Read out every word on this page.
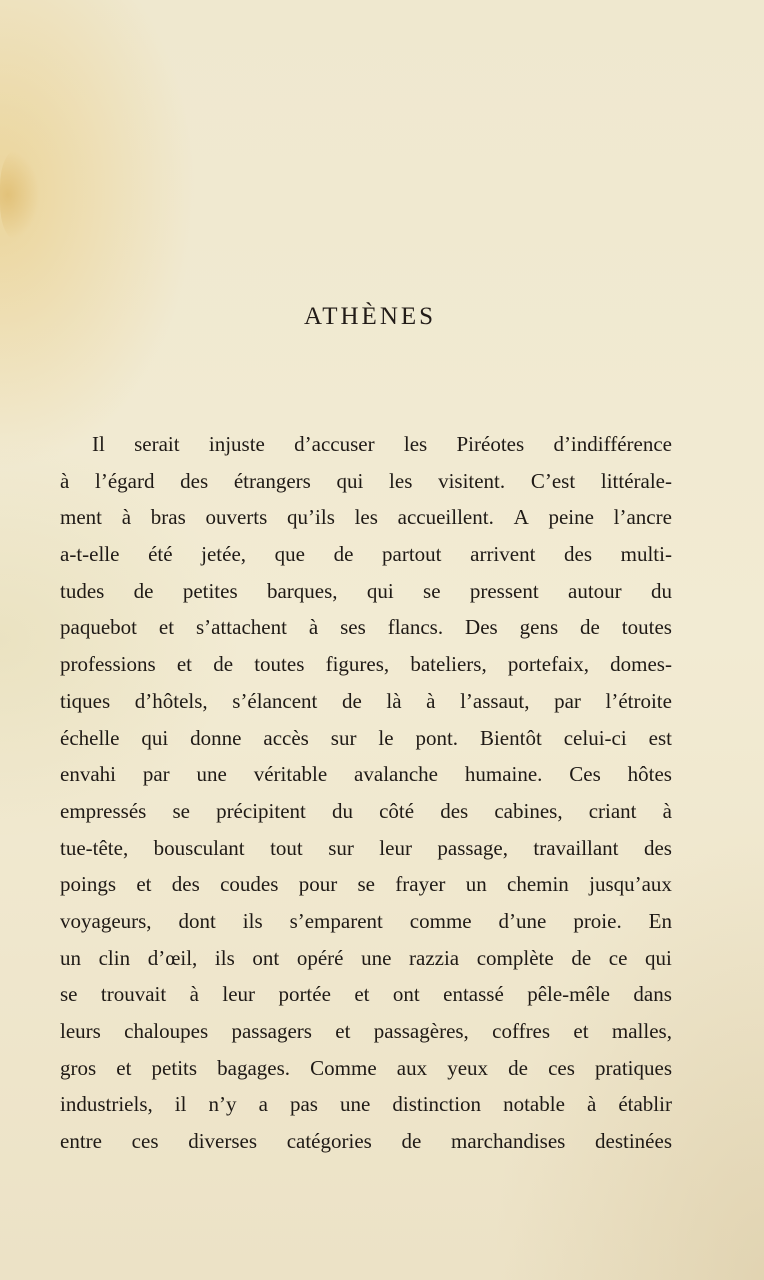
ATHÈNES
Il serait injuste d’accuser les Piréotes d’indifférence
à l’égard des étrangers qui les visitent. C’est littérale-
ment à bras ouverts qu’ils les accueillent. A peine l’ancre
a-t-elle été jetée, que de partout arrivent des multi-
tudes de petites barques, qui se pressent autour du
paquebot et s’attachent à ses flancs. Des gens de toutes
professions et de toutes figures, bateliers, portefaix, domes-
tiques d’hôtels, s’élancent de là à l’assaut, par l’étroite
échelle qui donne accès sur le pont. Bientôt celui-ci est
envahi par une véritable avalanche humaine. Ces hôtes
empressés se précipitent du côté des cabines, criant à
tue-tête, bousculant tout sur leur passage, travaillant des
poings et des coudes pour se frayer un chemin jusqu’aux
voyageurs, dont ils s’emparent comme d’une proie. En
un clin d’œil, ils ont opéré une razzia complète de ce qui
se trouvait à leur portée et ont entassé pêle-mêle dans
leurs chaloupes passagers et passagères, coffres et malles,
gros et petits bagages. Comme aux yeux de ces pratiques
industriels, il n’y a pas une distinction notable à établir
entre ces diverses catégories de marchandises destinées
